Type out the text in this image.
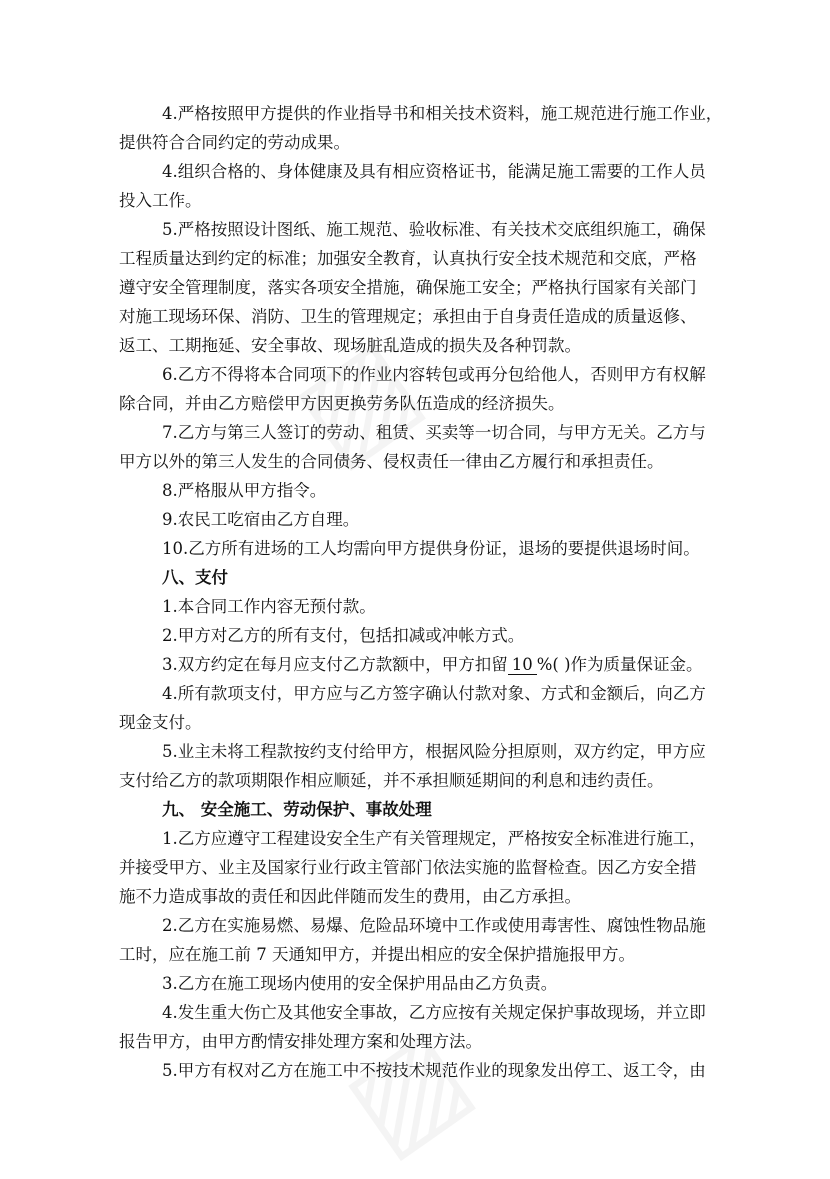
4.严格按照甲方提供的作业指导书和相关技术资料，施工规范进行施工作业，
提供符合合同约定的劳动成果。
4.组织合格的、身体健康及具有相应资格证书，能满足施工需要的工作人员
投入工作。
5.严格按照设计图纸、施工规范、验收标准、有关技术交底组织施工，确保
工程质量达到约定的标准；加强安全教育，认真执行安全技术规范和交底，严格
遵守安全管理制度，落实各项安全措施，确保施工安全；严格执行国家有关部门
对施工现场环保、消防、卫生的管理规定；承担由于自身责任造成的质量返修、
返工、工期拖延、安全事故、现场脏乱造成的损失及各种罚款。
6.乙方不得将本合同项下的作业内容转包或再分包给他人，否则甲方有权解
除合同，并由乙方赔偿甲方因更换劳务队伍造成的经济损失。
7.乙方与第三人签订的劳动、租赁、买卖等一切合同，与甲方无关。乙方与
甲方以外的第三人发生的合同债务、侵权责任一律由乙方履行和承担责任。
8.严格服从甲方指令。
9.农民工吃宿由乙方自理。
10.乙方所有进场的工人均需向甲方提供身份证，退场的要提供退场时间。
八、支付
1.本合同工作内容无预付款。
2.甲方对乙方的所有支付，包括扣减或冲帐方式。
3.双方约定在每月应支付乙方款额中，甲方扣留 10 %( )作为质量保证金。
4.所有款项支付，甲方应与乙方签字确认付款对象、方式和金额后，向乙方
现金支付。
5.业主未将工程款按约支付给甲方，根据风险分担原则，双方约定，甲方应
支付给乙方的款项期限作相应顺延，并不承担顺延期间的利息和违约责任。
九、 安全施工、劳动保护、事故处理
1.乙方应遵守工程建设安全生产有关管理规定，严格按安全标准进行施工，
并接受甲方、业主及国家行业行政主管部门依法实施的监督检查。因乙方安全措
施不力造成事故的责任和因此伴随而发生的费用，由乙方承担。
2.乙方在实施易燃、易爆、危险品环境中工作或使用毒害性、腐蚀性物品施
工时，应在施工前 7 天通知甲方，并提出相应的安全保护措施报甲方。
3.乙方在施工现场内使用的安全保护用品由乙方负责。
4.发生重大伤亡及其他安全事故，乙方应按有关规定保护事故现场，并立即
报告甲方，由甲方酌情安排处理方案和处理方法。
5.甲方有权对乙方在施工中不按技术规范作业的现象发出停工、返工令，由
